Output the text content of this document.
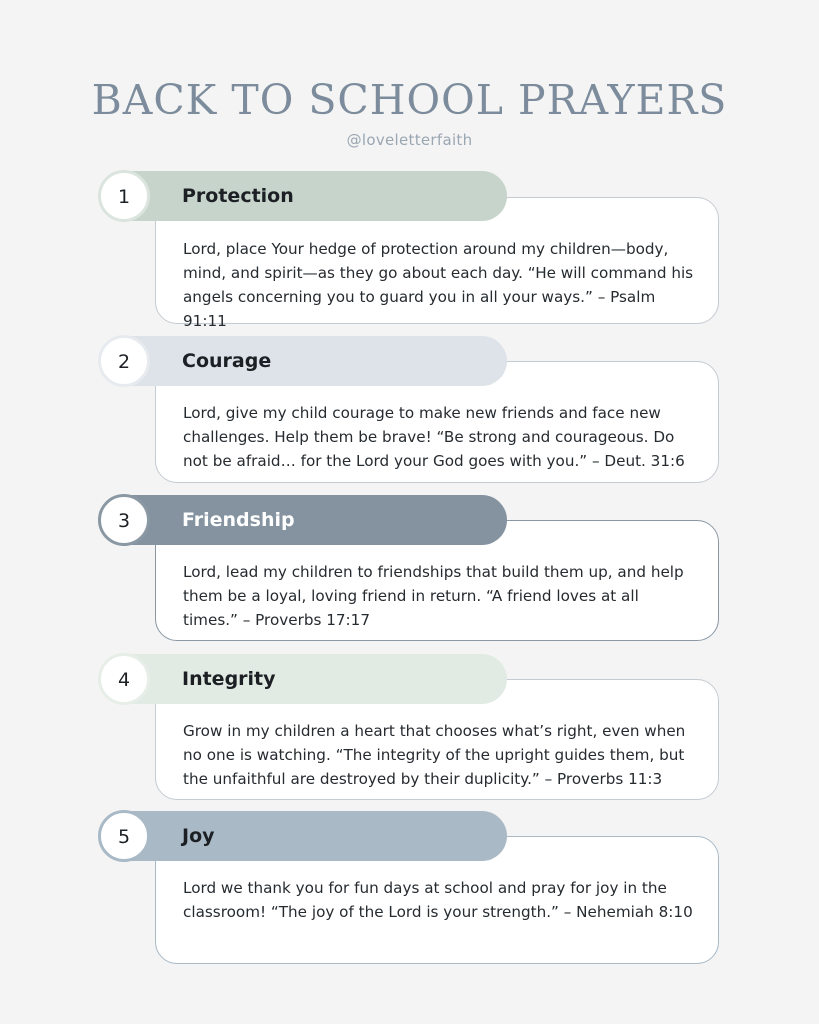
BACK TO SCHOOL PRAYERS
@loveletterfaith
Lord, place Your hedge of protection around my children—body, mind, and spirit—as they go about each day. “He will command his angels concerning you to guard you in all your ways.” – Psalm 91:11
Protection
1
Lord, give my child courage to make new friends and face new challenges. Help them be brave! “Be strong and courageous. Do not be afraid… for the Lord your God goes with you.” – Deut. 31:6
Courage
2
Lord, lead my children to friendships that build them up, and help them be a loyal, loving friend in return. “A friend loves at all times.” – Proverbs 17:17
Friendship
3
Grow in my children a heart that chooses what’s right, even when no one is watching. “The integrity of the upright guides them, but the unfaithful are destroyed by their duplicity.” – Proverbs 11:3
Integrity
4
Lord we thank you for fun days at school and pray for joy in the classroom! “The joy of the Lord is your strength.” – Nehemiah 8:10
Joy
5
